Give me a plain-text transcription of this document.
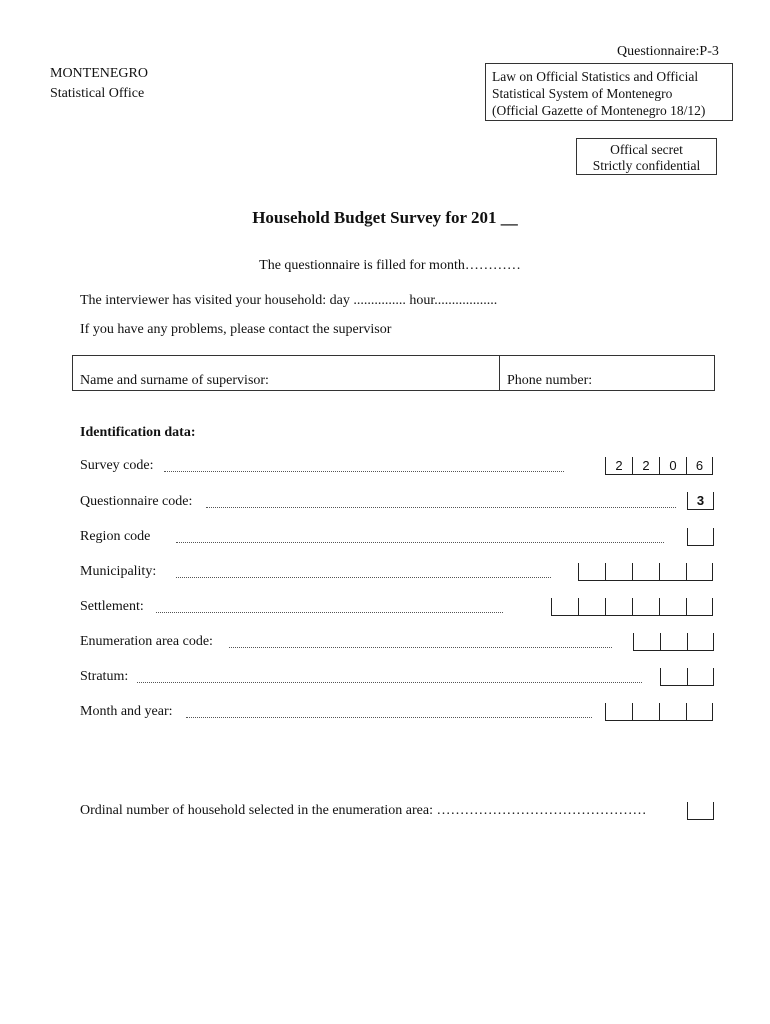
Questionnaire:P-3
MONTENEGRO
Statistical Office
Law on Official Statistics and Official
Statistical System of Montenegro
(Official Gazette of Montenegro 18/12)
Offical secret
Strictly confidential
Household Budget Survey for 201 __
The questionnaire is filled for month…………
The interviewer has visited your household: day ............... hour..................
If you have any problems, please contact the supervisor
Name and surname of supervisor:	Phone number:
Identification data:
Survey code:	2	2	0	6
Questionnaire code:	3
Region code
Municipality:
Settlement:
Enumeration area code:
Stratum:
Month and year:
Ordinal number of household selected in the enumeration area: ………………………………………
